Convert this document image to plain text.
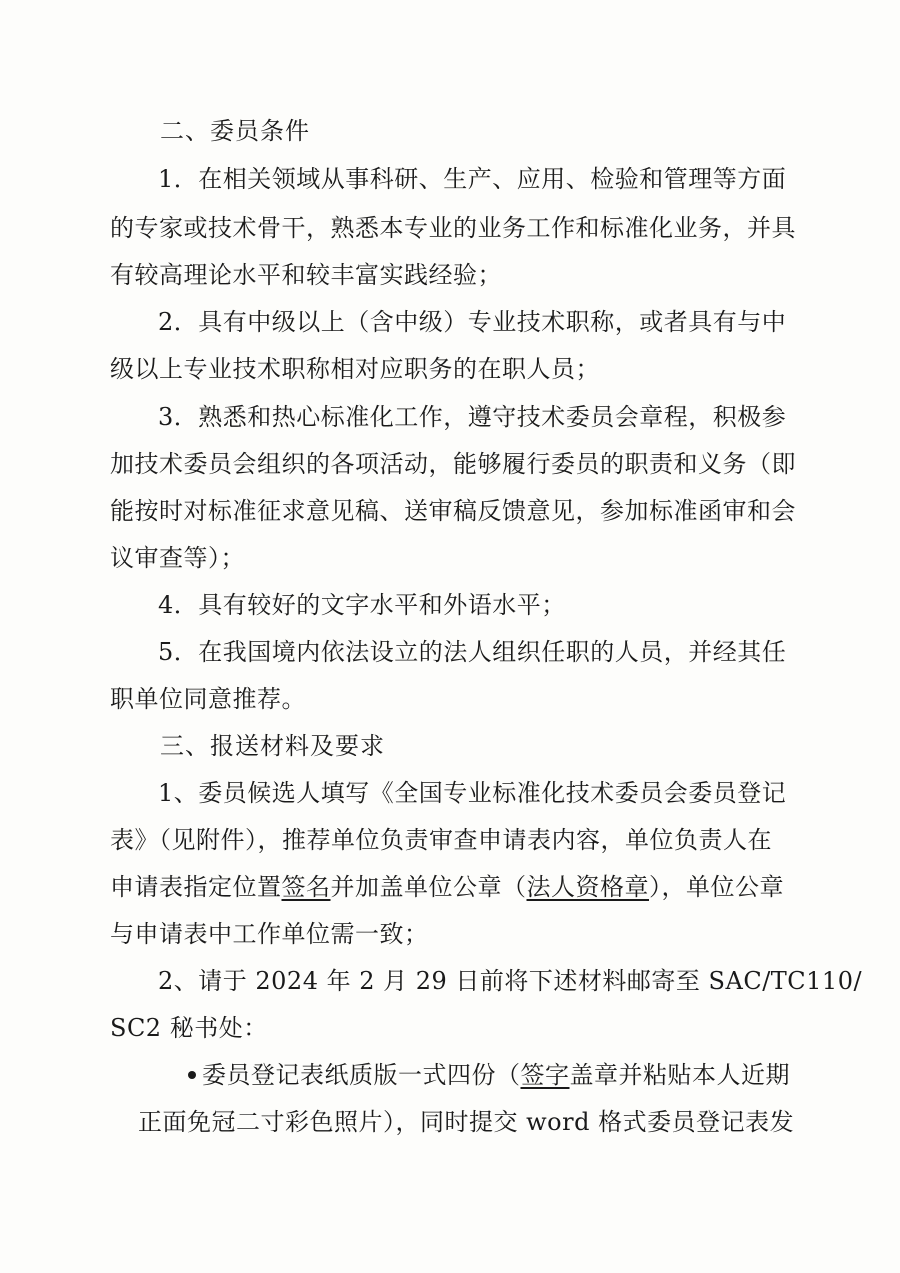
二、委员条件
1．在相关领域从事科研、生产、应用、检验和管理等方面
的专家或技术骨干，熟悉本专业的业务工作和标准化业务，并具
有较高理论水平和较丰富实践经验；
2．具有中级以上（含中级）专业技术职称，或者具有与中
级以上专业技术职称相对应职务的在职人员；
3．熟悉和热心标准化工作，遵守技术委员会章程，积极参
加技术委员会组织的各项活动，能够履行委员的职责和义务（即
能按时对标准征求意见稿、送审稿反馈意见，参加标准函审和会
议审查等）；
4．具有较好的文字水平和外语水平；
5．在我国境内依法设立的法人组织任职的人员，并经其任
职单位同意推荐。
三、报送材料及要求
1、委员候选人填写《全国专业标准化技术委员会委员登记
表》（见附件），推荐单位负责审查申请表内容，单位负责人在
申请表指定位置签名并加盖单位公章（法人资格章），单位公章
与申请表中工作单位需一致；
2、请于 2024 年 2 月 29 日前将下述材料邮寄至 SAC/TC110/
SC2 秘书处：
委员登记表纸质版一式四份（签字盖章并粘贴本人近期
正面免冠二寸彩色照片），同时提交 word 格式委员登记表发
